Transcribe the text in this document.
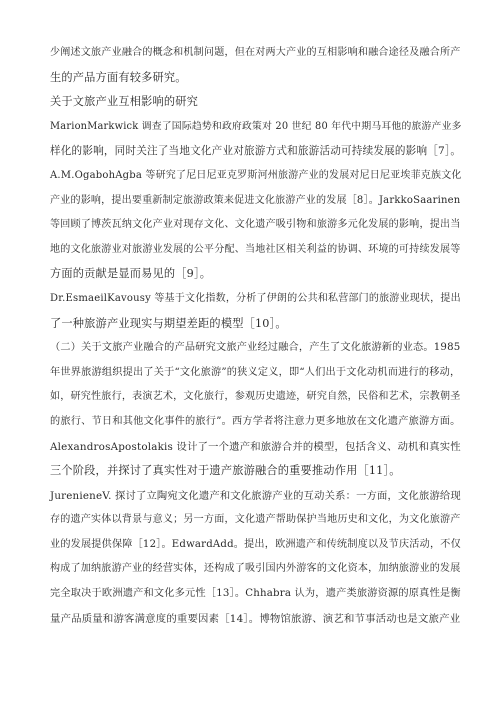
少阐述文旅产业融合的概念和机制问题，但在对两大产业的互相影响和融合途径及融合所产
生的产品方面有较多研究。
关于文旅产业互相影响的研究
MarionMarkwick 调查了国际趋势和政府政策对 20 世纪 80 年代中期马耳他的旅游产业多
样化的影响，同时关注了当地文化产业对旅游方式和旅游活动可持续发展的影响［7］。
A.M.OgabohAgba 等研究了尼日尼亚克罗斯河州旅游产业的发展对尼日尼亚埃菲克族文化
产业的影响，提出要重新制定旅游政策来促进文化旅游产业的发展［8］。JarkkoSaarinen
等回顾了博茨瓦纳文化产业对现存文化、文化遗产吸引物和旅游多元化发展的影响，提出当
地的文化旅游业对旅游业发展的公平分配、当地社区相关利益的协调、环境的可持续发展等
方面的贡献是显而易见的［9］。
Dr.EsmaeilKavousy 等基于文化指数，分析了伊朗的公共和私营部门的旅游业现状，提出
了一种旅游产业现实与期望差距的模型［10］。
（二）关于文旅产业融合的产品研究文旅产业经过融合，产生了文化旅游新的业态。1985
年世界旅游组织提出了关于“文化旅游”的狭义定义，即“人们出于文化动机而进行的移动，
如，研究性旅行，表演艺术，文化旅行，参观历史遗迹，研究自然，民俗和艺术，宗教朝圣
的旅行、节日和其他文化事件的旅行”。西方学者将注意力更多地放在文化遗产旅游方面。
AlexandrosApostolakis 设计了一个遗产和旅游合并的模型，包括含义、动机和真实性
三个阶段，并探讨了真实性对于遗产旅游融合的重要推动作用［11］。
JurenieneV. 探讨了立陶宛文化遗产和文化旅游产业的互动关系：一方面，文化旅游给现
存的遗产实体以背景与意义；另一方面，文化遗产帮助保护当地历史和文化，为文化旅游产
业的发展提供保障［12］。EdwardAdd。提出，欧洲遗产和传统制度以及节庆活动，不仅
构成了加纳旅游产业的经营实体，还构成了吸引国内外游客的文化资本，加纳旅游业的发展
完全取决于欧洲遗产和文化多元性［13］。Chhabra 认为，遗产类旅游资源的原真性是衡
量产品质量和游客满意度的重要因素［14］。博物馆旅游、演艺和节事活动也是文旅产业
